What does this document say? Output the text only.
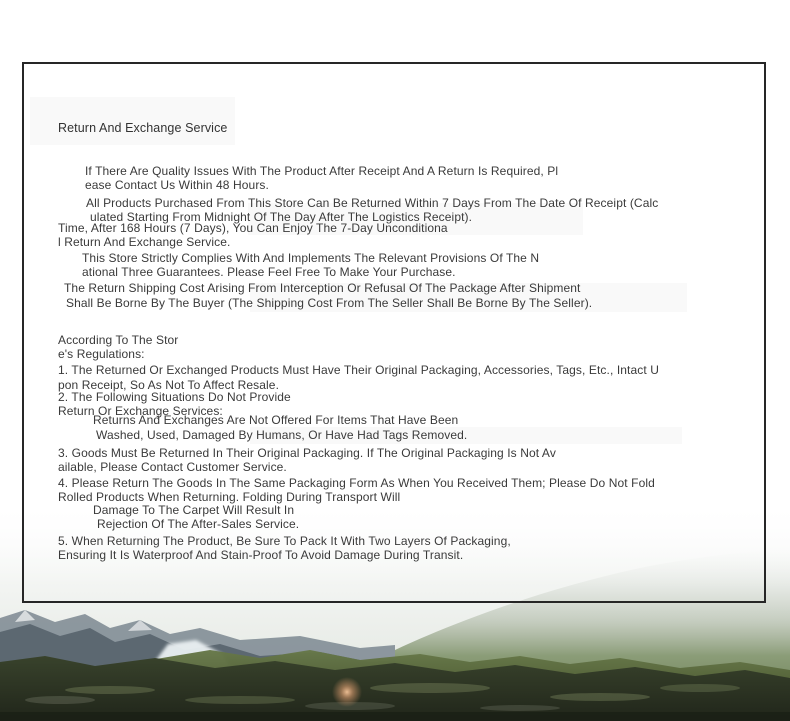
Return And Exchange Service
If There Are Quality Issues With The Product After Receipt And A Return Is Required, Pl
ease Contact Us Within 48 Hours.
All Products Purchased From This Store Can Be Returned Within 7 Days From The Date Of Receipt (Calc
ulated Starting From Midnight Of The Day After The Logistics Receipt).
Time, After 168 Hours (7 Days), You Can Enjoy The 7-Day Unconditiona
l Return And Exchange Service.
This Store Strictly Complies With And Implements The Relevant Provisions Of The N
ational Three Guarantees. Please Feel Free To Make Your Purchase.
The Return Shipping Cost Arising From Interception Or Refusal Of The Package After Shipment
Shall Be Borne By The Buyer (The Shipping Cost From The Seller Shall Be Borne By The Seller).
According To The Stor
e's Regulations:
1. The Returned Or Exchanged Products Must Have Their Original Packaging, Accessories, Tags, Etc., Intact U
pon Receipt, So As Not To Affect Resale.
2. The Following Situations Do Not Provide
Return Or Exchange Services:
Returns And Exchanges Are Not Offered For Items That Have Been
Washed, Used, Damaged By Humans, Or Have Had Tags Removed.
3. Goods Must Be Returned In Their Original Packaging. If The Original Packaging Is Not Av
ailable, Please Contact Customer Service.
4. Please Return The Goods In The Same Packaging Form As When You Received Them; Please Do Not Fold
Rolled Products When Returning. Folding During Transport Will
Damage To The Carpet Will Result In
Rejection Of The After-Sales Service.
5. When Returning The Product, Be Sure To Pack It With Two Layers Of Packaging,
Ensuring It Is Waterproof And Stain-Proof To Avoid Damage During Transit.
